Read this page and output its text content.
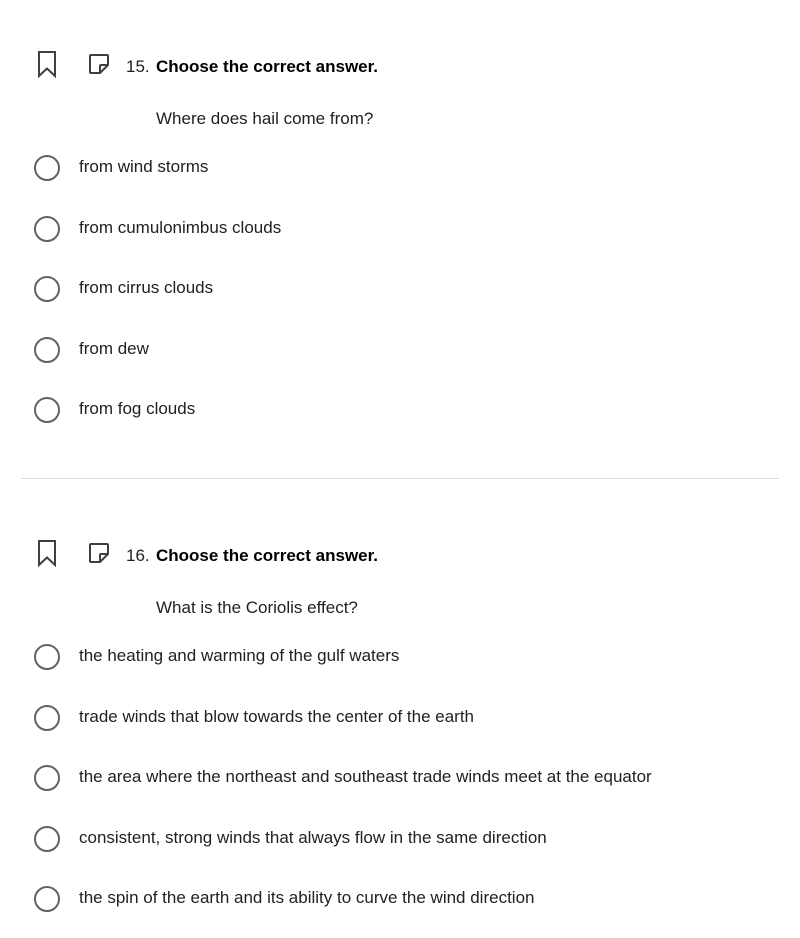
15. Choose the correct answer.
Where does hail come from?
from wind storms
from cumulonimbus clouds
from cirrus clouds
from dew
from fog clouds
16. Choose the correct answer.
What is the Coriolis effect?
the heating and warming of the gulf waters
trade winds that blow towards the center of the earth
the area where the northeast and southeast trade winds meet at the equator
consistent, strong winds that always flow in the same direction
the spin of the earth and its ability to curve the wind direction
